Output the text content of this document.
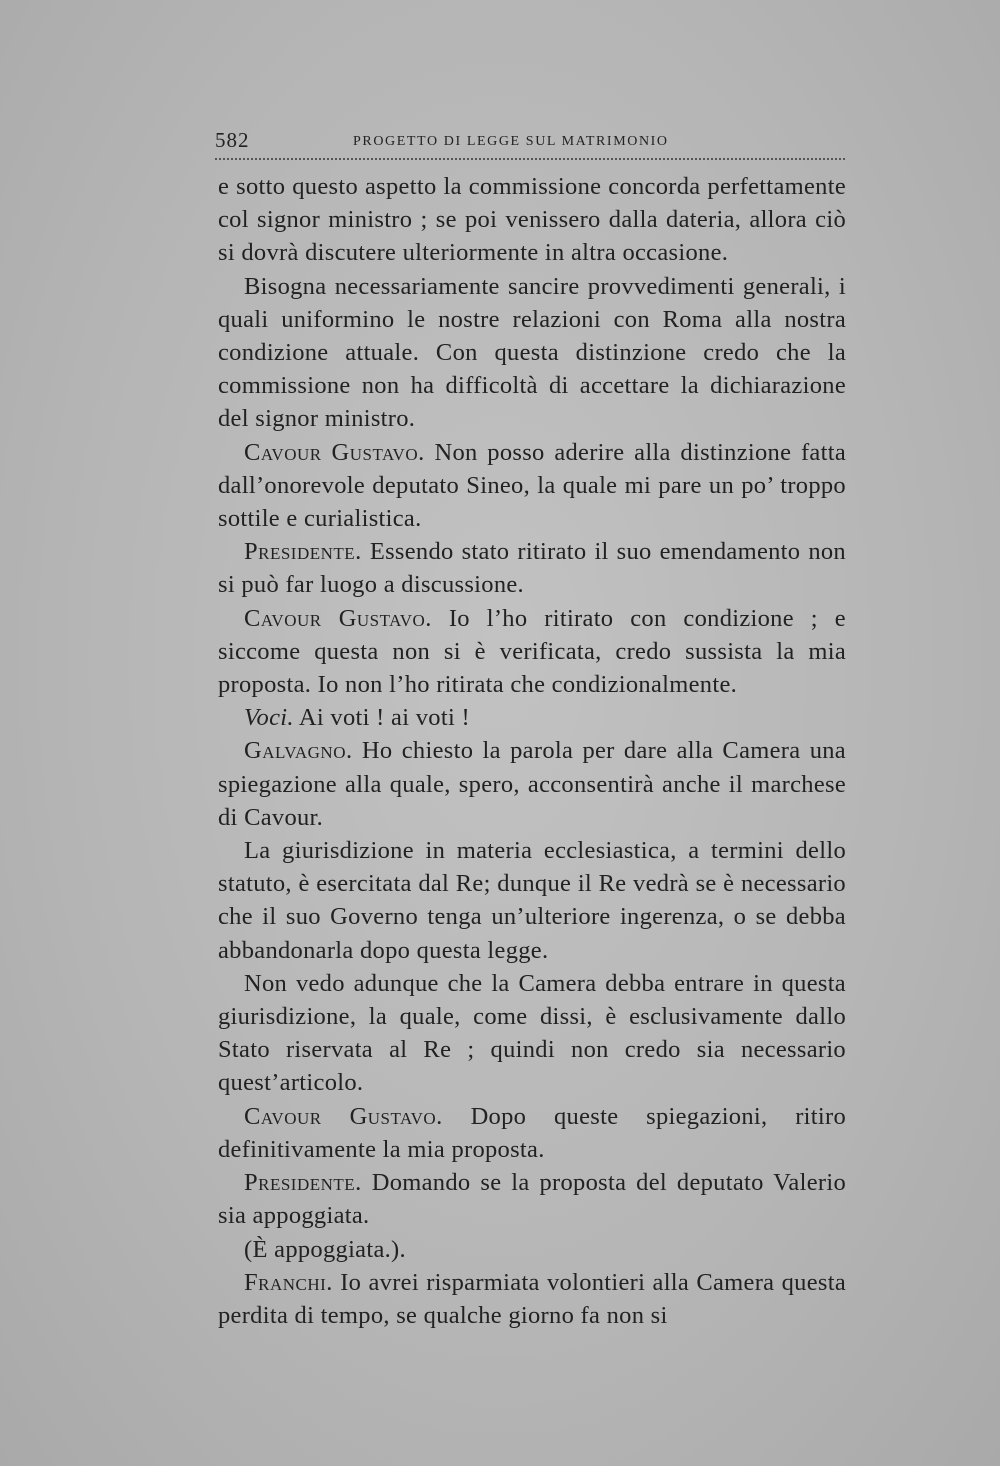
582	PROGETTO DI LEGGE SUL MATRIMONIO

e sotto questo aspetto la commissione concorda perfettamente col signor ministro ; se poi venissero dalla dateria, allora ciò si dovrà discutere ulteriormente in altra occasione.

Bisogna necessariamente sancire provvedimenti generali, i quali uniformino le nostre relazioni con Roma alla nostra condizione attuale. Con questa distinzione credo che la commissione non ha difficoltà di accettare la dichiarazione del signor ministro.

Cavour Gustavo. Non posso aderire alla distinzione fatta dall’onorevole deputato Sineo, la quale mi pare un po’ troppo sottile e curialistica.

Presidente. Essendo stato ritirato il suo emendamento non si può far luogo a discussione.

Cavour Gustavo. Io l’ho ritirato con condizione ; e siccome questa non si è verificata, credo sussista la mia proposta. Io non l’ho ritirata che condizionalmente.

Voci. Ai voti ! ai voti !

Galvagno. Ho chiesto la parola per dare alla Camera una spiegazione alla quale, spero, acconsentirà anche il marchese di Cavour.

La giurisdizione in materia ecclesiastica, a termini dello statuto, è esercitata dal Re; dunque il Re vedrà se è necessario che il suo Governo tenga un’ulteriore ingerenza, o se debba abbandonarla dopo questa legge.

Non vedo adunque che la Camera debba entrare in questa giurisdizione, la quale, come dissi, è esclusivamente dallo Stato riservata al Re ; quindi non credo sia necessario quest’articolo.

Cavour Gustavo. Dopo queste spiegazioni, ritiro definitivamente la mia proposta.

Presidente. Domando se la proposta del deputato Valerio sia appoggiata.

(È appoggiata.).

Franchi. Io avrei risparmiata volontieri alla Camera questa perdita di tempo, se qualche giorno fa non si
